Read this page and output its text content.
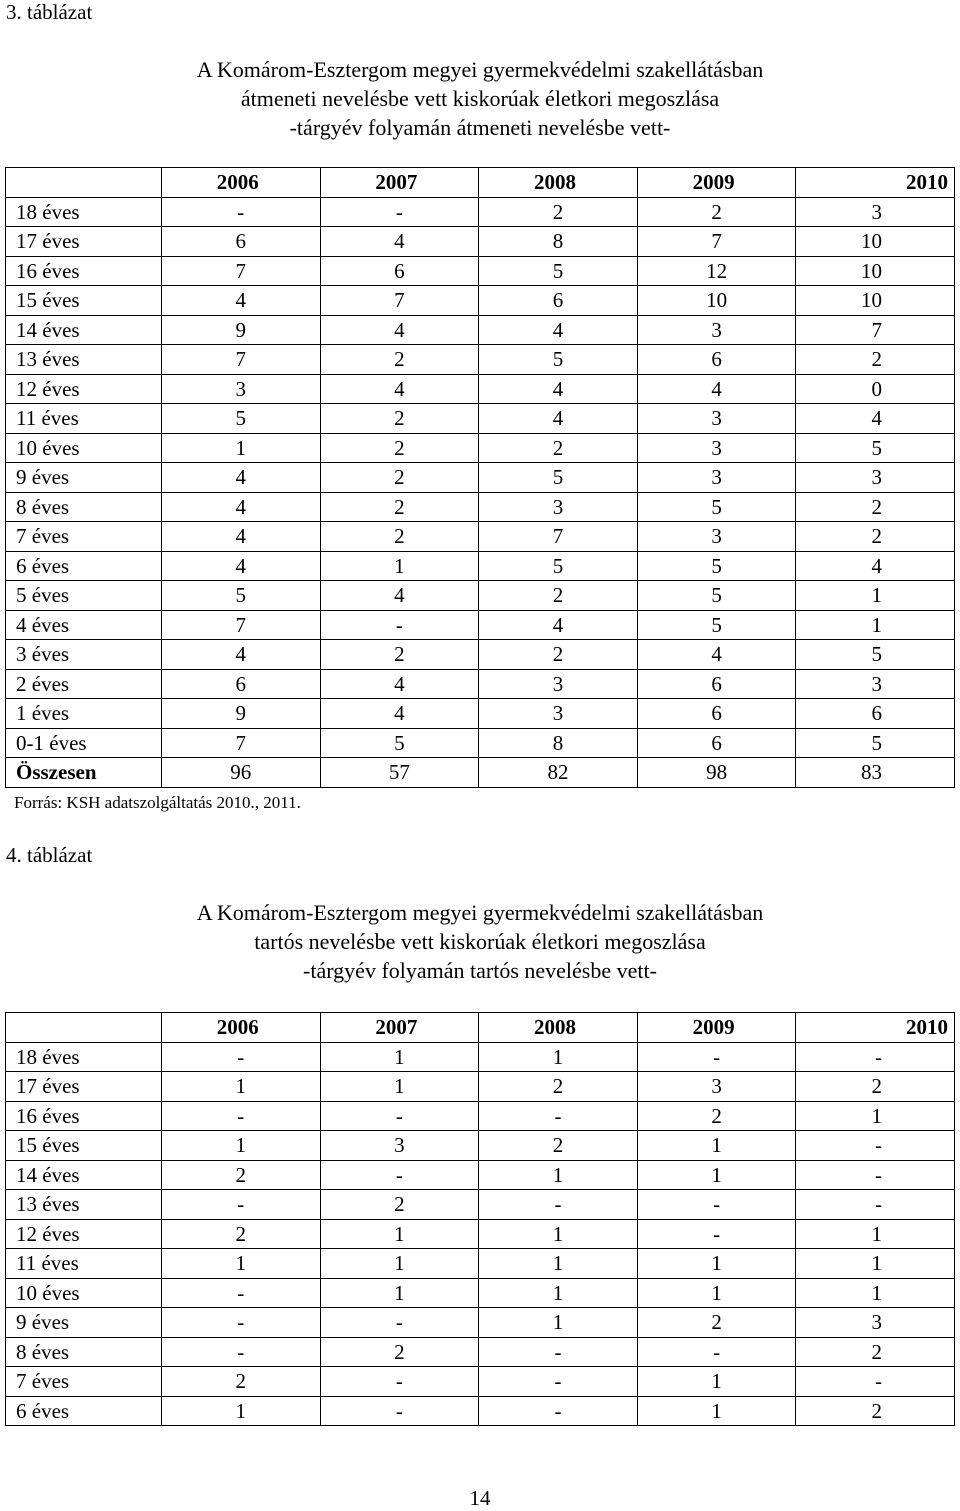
3. táblázat
A Komárom-Esztergom megyei gyermekvédelmi szakellátásban
átmeneti nevelésbe vett kiskorúak életkori megoszlása
-tárgyév folyamán átmeneti nevelésbe vett-
	2006	2007	2008	2009	2010
18 éves	-	-	2	2	3
17 éves	6	4	8	7	10
16 éves	7	6	5	12	10
15 éves	4	7	6	10	10
14 éves	9	4	4	3	7
13 éves	7	2	5	6	2
12 éves	3	4	4	4	0
11 éves	5	2	4	3	4
10 éves	1	2	2	3	5
9 éves	4	2	5	3	3
8 éves	4	2	3	5	2
7 éves	4	2	7	3	2
6 éves	4	1	5	5	4
5 éves	5	4	2	5	1
4 éves	7	-	4	5	1
3 éves	4	2	2	4	5
2 éves	6	4	3	6	3
1 éves	9	4	3	6	6
0-1 éves	7	5	8	6	5
Összesen	96	57	82	98	83
Forrás: KSH adatszolgáltatás 2010., 2011.
4. táblázat
A Komárom-Esztergom megyei gyermekvédelmi szakellátásban
tartós nevelésbe vett kiskorúak életkori megoszlása
-tárgyév folyamán tartós nevelésbe vett-
	2006	2007	2008	2009	2010
18 éves	-	1	1	-	-
17 éves	1	1	2	3	2
16 éves	-	-	-	2	1
15 éves	1	3	2	1	-
14 éves	2	-	1	1	-
13 éves	-	2	-	-	-
12 éves	2	1	1	-	1
11 éves	1	1	1	1	1
10 éves	-	1	1	1	1
9 éves	-	-	1	2	3
8 éves	-	2	-	-	2
7 éves	2	-	-	1	-
6 éves	1	-	-	1	2
14
